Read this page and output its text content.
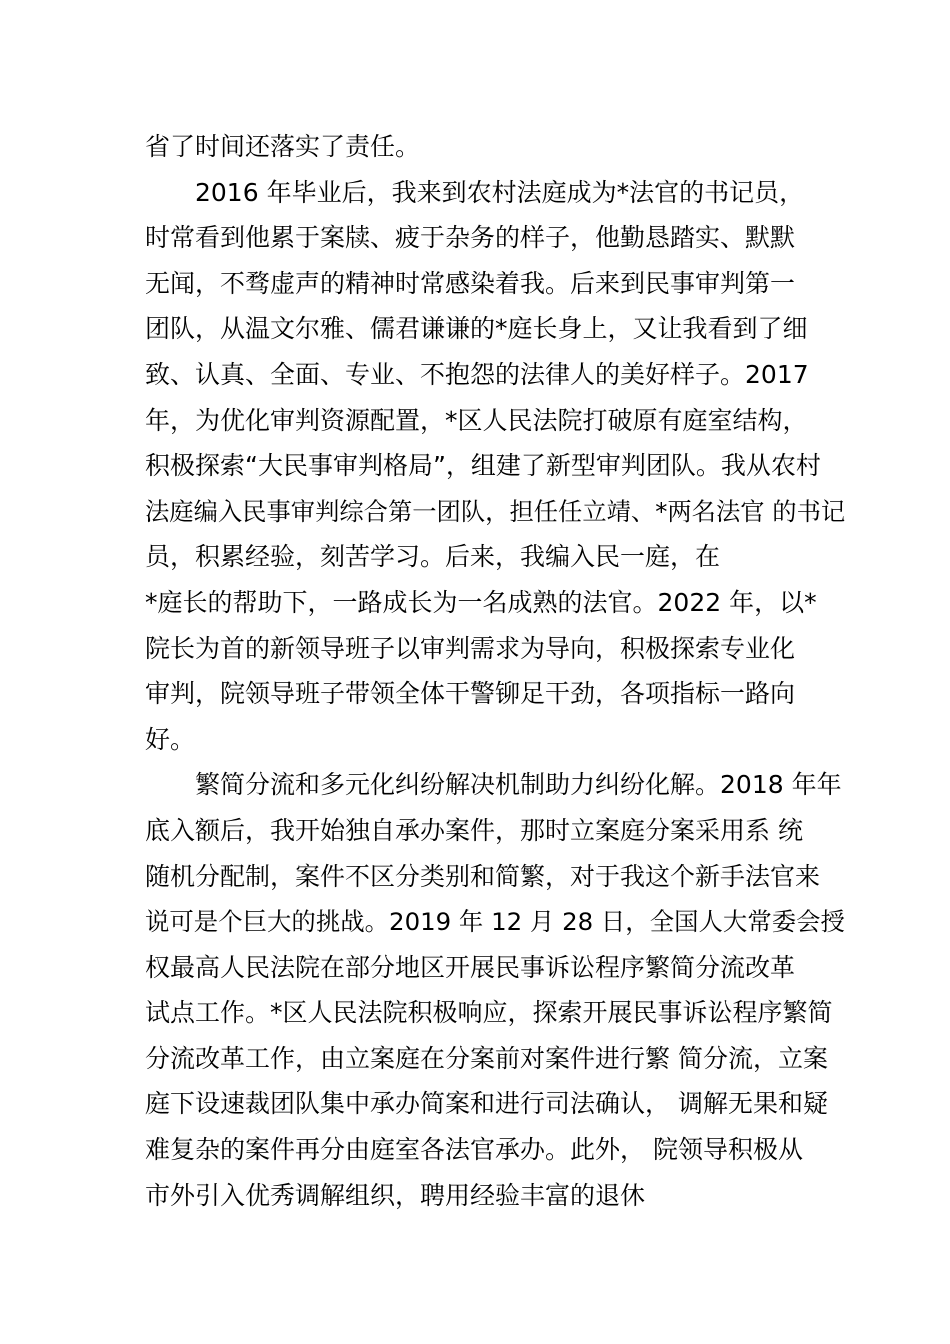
省了时间还落实了责任。
2016 年毕业后，我来到农村法庭成为*法官的书记员，
时常看到他累于案牍、疲于杂务的样子，他勤恳踏实、默默
无闻，不骛虚声的精神时常感染着我。后来到民事审判第一
团队，从温文尔雅、儒君谦谦的*庭长身上，又让我看到了细
致、认真、全面、专业、不抱怨的法律人的美好样子。2017
年，为优化审判资源配置，*区人民法院打破原有庭室结构，
积极探索“大民事审判格局”，组建了新型审判团队。我从农村
法庭编入民事审判综合第一团队，担任任立靖、*两名法官 的书记
员，积累经验，刻苦学习。后来，我编入民一庭，在
*庭长的帮助下，一路成长为一名成熟的法官。2022 年，以*
院长为首的新领导班子以审判需求为导向，积极探索专业化
审判，院领导班子带领全体干警铆足干劲，各项指标一路向
好。
繁简分流和多元化纠纷解决机制助力纠纷化解。2018 年年
底入额后，我开始独自承办案件，那时立案庭分案采用系 统
随机分配制，案件不区分类别和简繁，对于我这个新手法官来
说可是个巨大的挑战。2019 年 12 月 28 日，全国人大常委会授
权最高人民法院在部分地区开展民事诉讼程序繁简分流改革
试点工作。*区人民法院积极响应，探索开展民事诉讼程序繁简
分流改革工作，由立案庭在分案前对案件进行繁 简分流，立案
庭下设速裁团队集中承办简案和进行司法确认， 调解无果和疑
难复杂的案件再分由庭室各法官承办。此外， 院领导积极从
市外引入优秀调解组织，聘用经验丰富的退休
